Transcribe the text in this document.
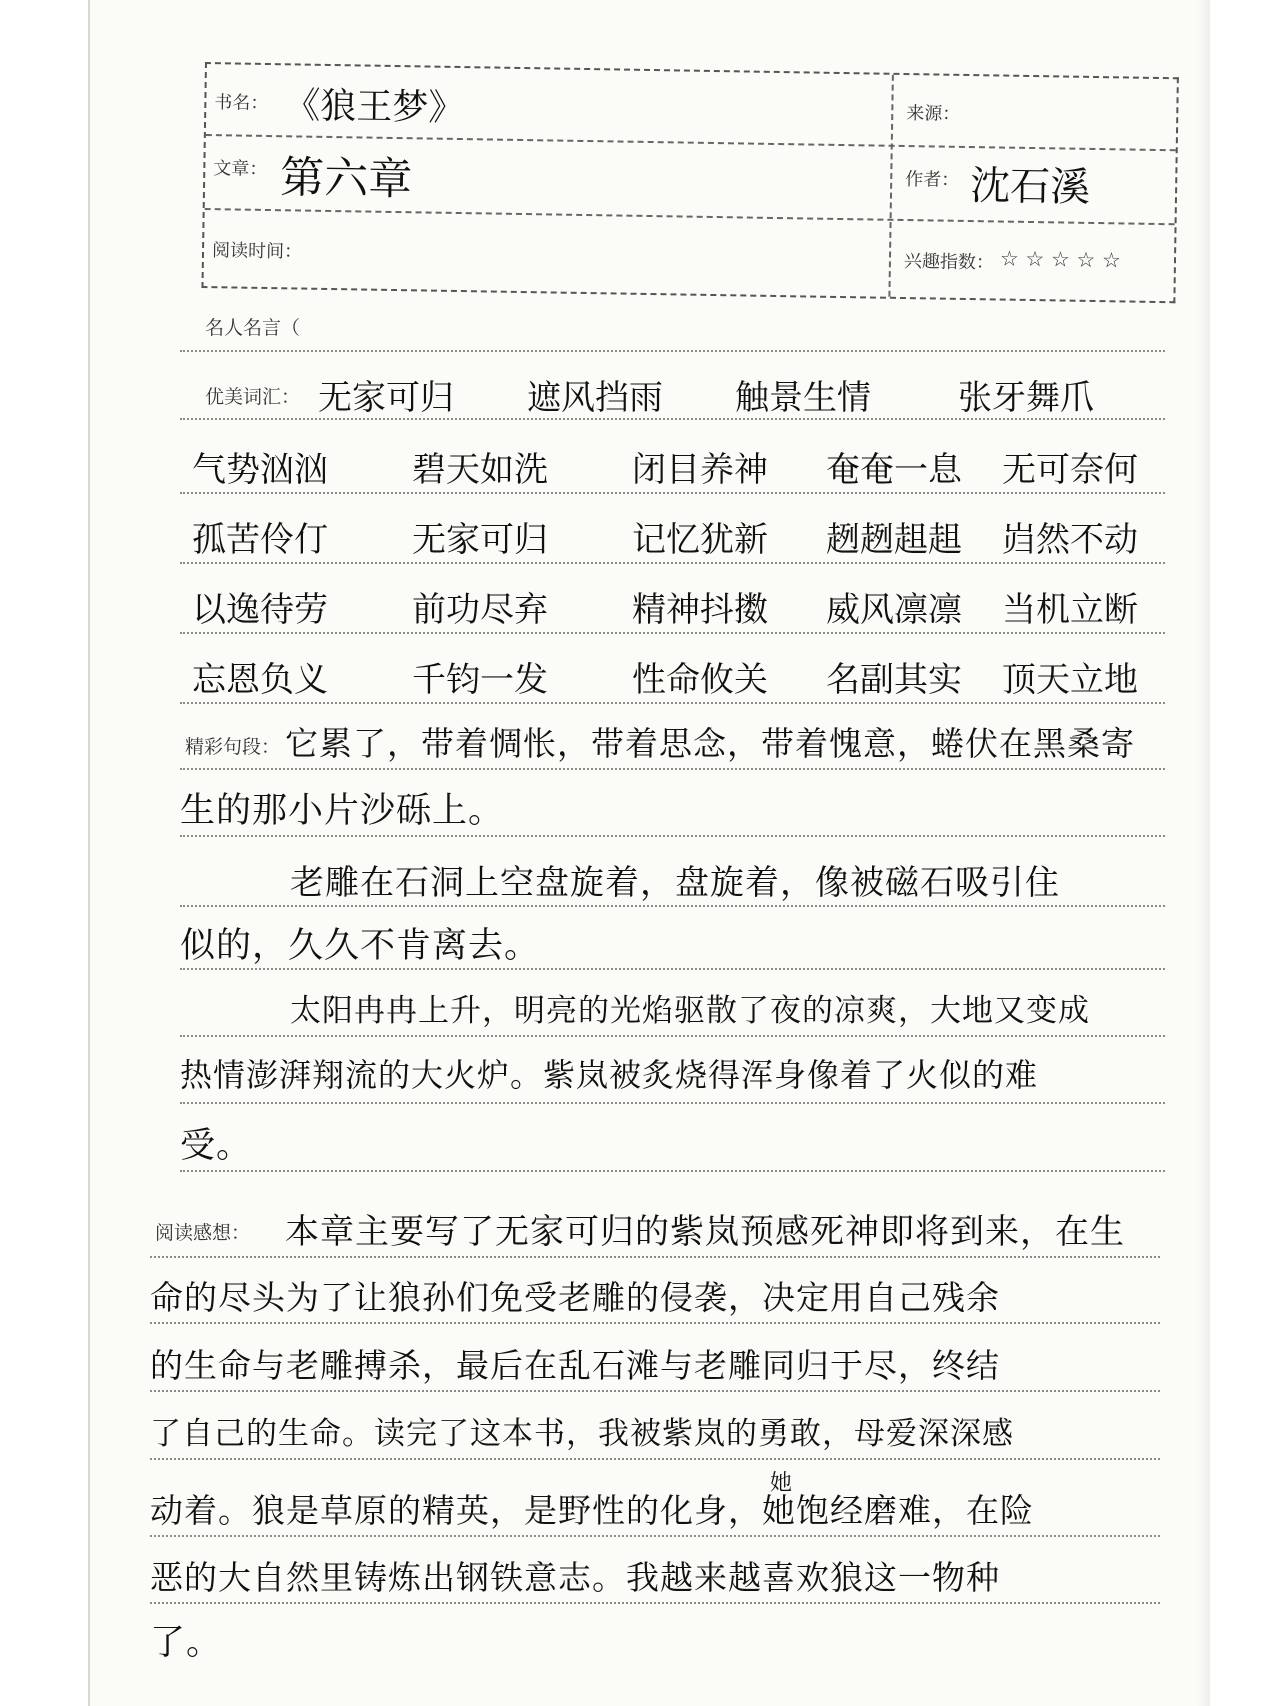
书名： 《狼王梦》	来源：
文章： 第六章	作者： 沈石溪
阅读时间：	兴趣指数： ☆ ☆ ☆ ☆ ☆
名人名言（
优美词汇： 无家可归 遮风挡雨 触景生情	张牙舞爪
气势汹汹 碧天如洗 闭目养神 奄奄一息 无可奈何
孤苦伶仃 无家可归 记忆犹新 趔趔趄趄 岿然不动
以逸待劳 前功尽弃 精神抖擞 威风凛凛 当机立断
忘恩负义 千钧一发 性命攸关 名副其实 顶天立地
精彩句段： 它累了，带着惆怅，带着思念，带着愧意，蜷伏在黑桑寄
生的那小片沙砾上。
老雕在石洞上空盘旋着，盘旋着，像被磁石吸引住
似的，久久不肯离去。
太阳冉冉上升，明亮的光焰驱散了夜的凉爽，大地又变成
热情澎湃翔流的大火炉。紫岚被炙烧得浑身像着了火似的难
受。
阅读感想： 本章主要写了无家可归的紫岚预感死神即将到来，在生
命的尽头为了让狼孙们免受老雕的侵袭，决定用自己残余
的生命与老雕搏杀，最后在乱石滩与老雕同归于尽，终结
了自己的生命。读完了这本书，我被紫岚的勇敢，母爱深深感
她
动着。狼是草原的精英，是野性的化身，她饱经磨难，在险
恶的大自然里铸炼出钢铁意志。我越来越喜欢狼这一物种
了。
